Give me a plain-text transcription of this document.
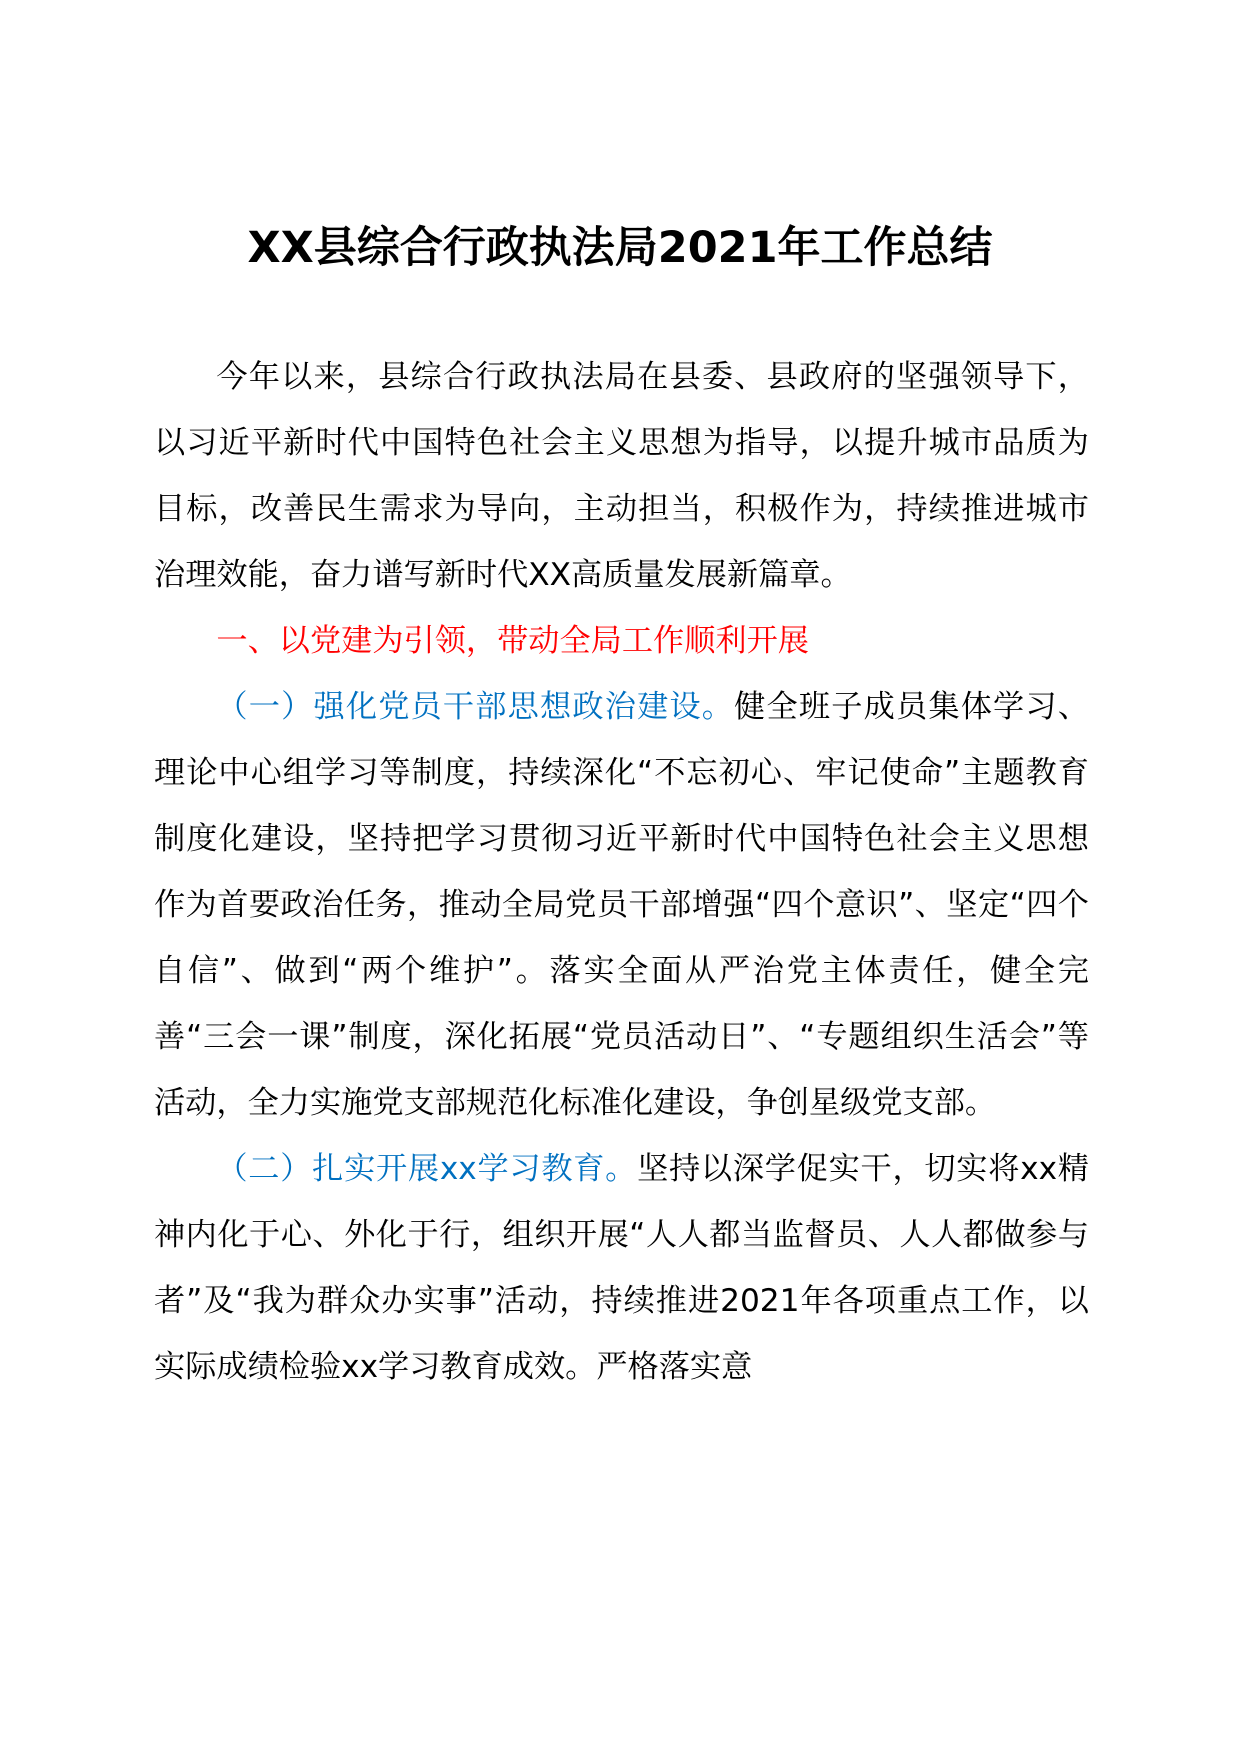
XX县综合行政执法局2021年工作总结

今年以来，县综合行政执法局在县委、县政府的坚强领导下，以习近平新时代中国特色社会主义思想为指导，以提升城市品质为目标，改善民生需求为导向，主动担当，积极作为，持续推进城市治理效能，奋力谱写新时代XX高质量发展新篇章。

一、以党建为引领，带动全局工作顺利开展

（一）强化党员干部思想政治建设。健全班子成员集体学习、理论中心组学习等制度，持续深化“不忘初心、牢记使命”主题教育制度化建设，坚持把学习贯彻习近平新时代中国特色社会主义思想作为首要政治任务，推动全局党员干部增强“四个意识”、坚定“四个自信”、做到“两个维护”。落实全面从严治党主体责任，健全完善“三会一课”制度，深化拓展“党员活动日”、“专题组织生活会”等活动，全力实施党支部规范化标准化建设，争创星级党支部。

（二）扎实开展xx学习教育。坚持以深学促实干，切实将xx精神内化于心、外化于行，组织开展“人人都当监督员、人人都做参与者”及“我为群众办实事”活动，持续推进2021年各项重点工作，以实际成绩检验xx学习教育成效。严格落实意
